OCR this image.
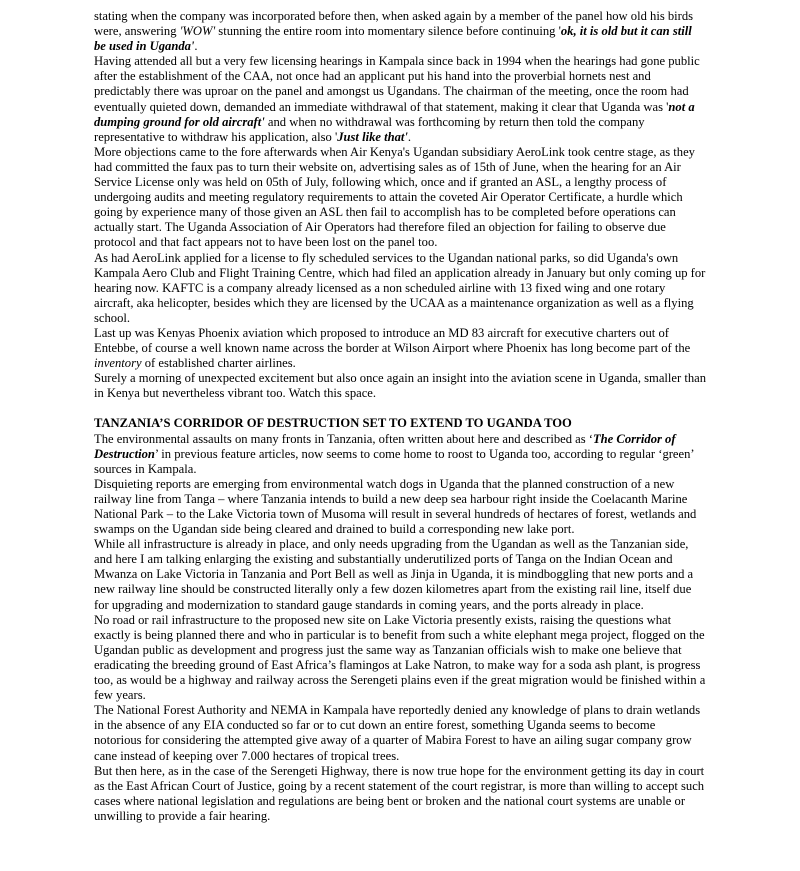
stating when the company was incorporated before then, when asked again by a member of the panel how old his birds were, answering 'WOW' stunning the entire room into momentary silence before continuing 'ok, it is old but it can still be used in Uganda'.

Having attended all but a very few licensing hearings in Kampala since back in 1994 when the hearings had gone public after the establishment of the CAA, not once had an applicant put his hand into the proverbial hornets nest and predictably there was uproar on the panel and amongst us Ugandans. The chairman of the meeting, once the room had eventually quieted down, demanded an immediate withdrawal of that statement, making it clear that Uganda was 'not a dumping ground for old aircraft' and when no withdrawal was forthcoming by return then told the company representative to withdraw his application, also 'Just like that'.

More objections came to the fore afterwards when Air Kenya's Ugandan subsidiary AeroLink took centre stage, as they had committed the faux pas to turn their website on, advertising sales as of 15th of June, when the hearing for an Air Service License only was held on 05th of July, following which, once and if granted an ASL, a lengthy process of undergoing audits and meeting regulatory requirements to attain the coveted Air Operator Certificate, a hurdle which going by experience many of those given an ASL then fail to accomplish has to be completed before operations can actually start. The Uganda Association of Air Operators had therefore filed an objection for failing to observe due protocol and that fact appears not to have been lost on the panel too.

As had AeroLink applied for a license to fly scheduled services to the Ugandan national parks, so did Uganda's own Kampala Aero Club and Flight Training Centre, which had filed an application already in January but only coming up for hearing now. KAFTC is a company already licensed as a non scheduled airline with 13 fixed wing and one rotary aircraft, aka helicopter, besides which they are licensed by the UCAA as a maintenance organization as well as a flying school.

Last up was Kenyas Phoenix aviation which proposed to introduce an MD 83 aircraft for executive charters out of Entebbe, of course a well known name across the border at Wilson Airport where Phoenix has long become part of the inventory of established charter airlines.

Surely a morning of unexpected excitement but also once again an insight into the aviation scene in Uganda, smaller than in Kenya but nevertheless vibrant too. Watch this space.

TANZANIA’S CORRIDOR OF DESTRUCTION SET TO EXTEND TO UGANDA TOO

The environmental assaults on many fronts in Tanzania, often written about here and described as ‘The Corridor of Destruction’ in previous feature articles, now seems to come home to roost to Uganda too, according to regular ‘green’ sources in Kampala.

Disquieting reports are emerging from environmental watch dogs in Uganda that the planned construction of a new railway line from Tanga – where Tanzania intends to build a new deep sea harbour right inside the Coelacanth Marine National Park – to the Lake Victoria town of Musoma will result in several hundreds of hectares of forest, wetlands and swamps on the Ugandan side being cleared and drained to build a corresponding new lake port.

While all infrastructure is already in place, and only needs upgrading from the Ugandan as well as the Tanzanian side, and here I am talking enlarging the existing and substantially underutilized ports of Tanga on the Indian Ocean and Mwanza on Lake Victoria in Tanzania and Port Bell as well as Jinja in Uganda, it is mindboggling that new ports and a new railway line should be constructed literally only a few dozen kilometres apart from the existing rail line, itself due for upgrading and modernization to standard gauge standards in coming years, and the ports already in place.

No road or rail infrastructure to the proposed new site on Lake Victoria presently exists, raising the questions what exactly is being planned there and who in particular is to benefit from such a white elephant mega project, flogged on the Ugandan public as development and progress just the same way as Tanzanian officials wish to make one believe that eradicating the breeding ground of East Africa’s flamingos at Lake Natron, to make way for a soda ash plant, is progress too, as would be a highway and railway across the Serengeti plains even if the great migration would be finished within a few years.

The National Forest Authority and NEMA in Kampala have reportedly denied any knowledge of plans to drain wetlands in the absence of any EIA conducted so far or to cut down an entire forest, something Uganda seems to become notorious for considering the attempted give away of a quarter of Mabira Forest to have an ailing sugar company grow cane instead of keeping over 7.000 hectares of tropical trees.

But then here, as in the case of the Serengeti Highway, there is now true hope for the environment getting its day in court as the East African Court of Justice, going by a recent statement of the court registrar, is more than willing to accept such cases where national legislation and regulations are being bent or broken and the national court systems are unable or unwilling to provide a fair hearing.
